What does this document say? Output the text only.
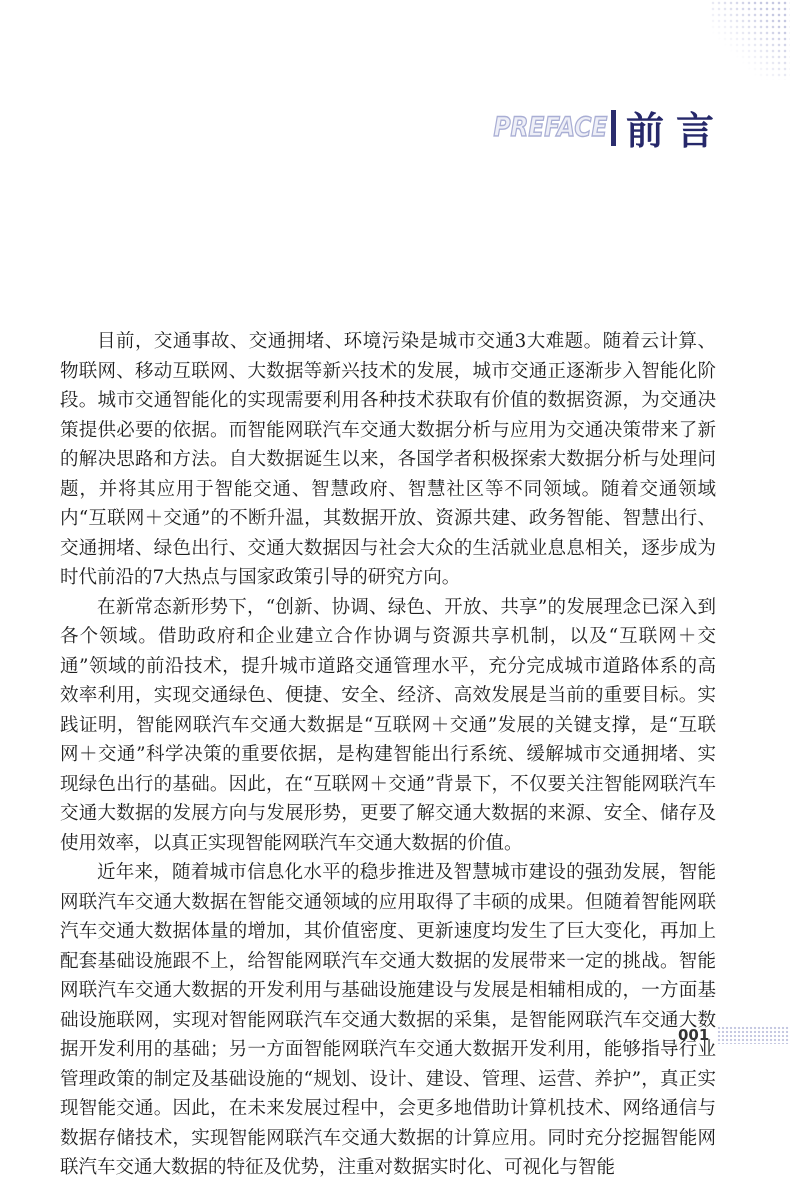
PREFACE 前言

目前，交通事故、交通拥堵、环境污染是城市交通3大难题。随着云计算、物联网、移动互联网、大数据等新兴技术的发展，城市交通正逐渐步入智能化阶段。城市交通智能化的实现需要利用各种技术获取有价值的数据资源，为交通决策提供必要的依据。而智能网联汽车交通大数据分析与应用为交通决策带来了新的解决思路和方法。自大数据诞生以来，各国学者积极探索大数据分析与处理问题，并将其应用于智能交通、智慧政府、智慧社区等不同领域。随着交通领域内“互联网＋交通”的不断升温，其数据开放、资源共建、政务智能、智慧出行、交通拥堵、绿色出行、交通大数据因与社会大众的生活就业息息相关，逐步成为时代前沿的7大热点与国家政策引导的研究方向。

在新常态新形势下，“创新、协调、绿色、开放、共享”的发展理念已深入到各个领域。借助政府和企业建立合作协调与资源共享机制，以及“互联网＋交通”领域的前沿技术，提升城市道路交通管理水平，充分完成城市道路体系的高效率利用，实现交通绿色、便捷、安全、经济、高效发展是当前的重要目标。实践证明，智能网联汽车交通大数据是“互联网＋交通”发展的关键支撑，是“互联网＋交通”科学决策的重要依据，是构建智能出行系统、缓解城市交通拥堵、实现绿色出行的基础。因此，在“互联网＋交通”背景下，不仅要关注智能网联汽车交通大数据的发展方向与发展形势，更要了解交通大数据的来源、安全、储存及使用效率，以真正实现智能网联汽车交通大数据的价值。

近年来，随着城市信息化水平的稳步推进及智慧城市建设的强劲发展，智能网联汽车交通大数据在智能交通领域的应用取得了丰硕的成果。但随着智能网联汽车交通大数据体量的增加，其价值密度、更新速度均发生了巨大变化，再加上配套基础设施跟不上，给智能网联汽车交通大数据的发展带来一定的挑战。智能网联汽车交通大数据的开发利用与基础设施建设与发展是相辅相成的，一方面基础设施联网，实现对智能网联汽车交通大数据的采集，是智能网联汽车交通大数据开发利用的基础；另一方面智能网联汽车交通大数据开发利用，能够指导行业管理政策的制定及基础设施的“规划、设计、建设、管理、运营、养护”，真正实现智能交通。因此，在未来发展过程中，会更多地借助计算机技术、网络通信与数据存储技术，实现智能网联汽车交通大数据的计算应用。同时充分挖掘智能网联汽车交通大数据的特征及优势，注重对数据实时化、可视化与智能

001
